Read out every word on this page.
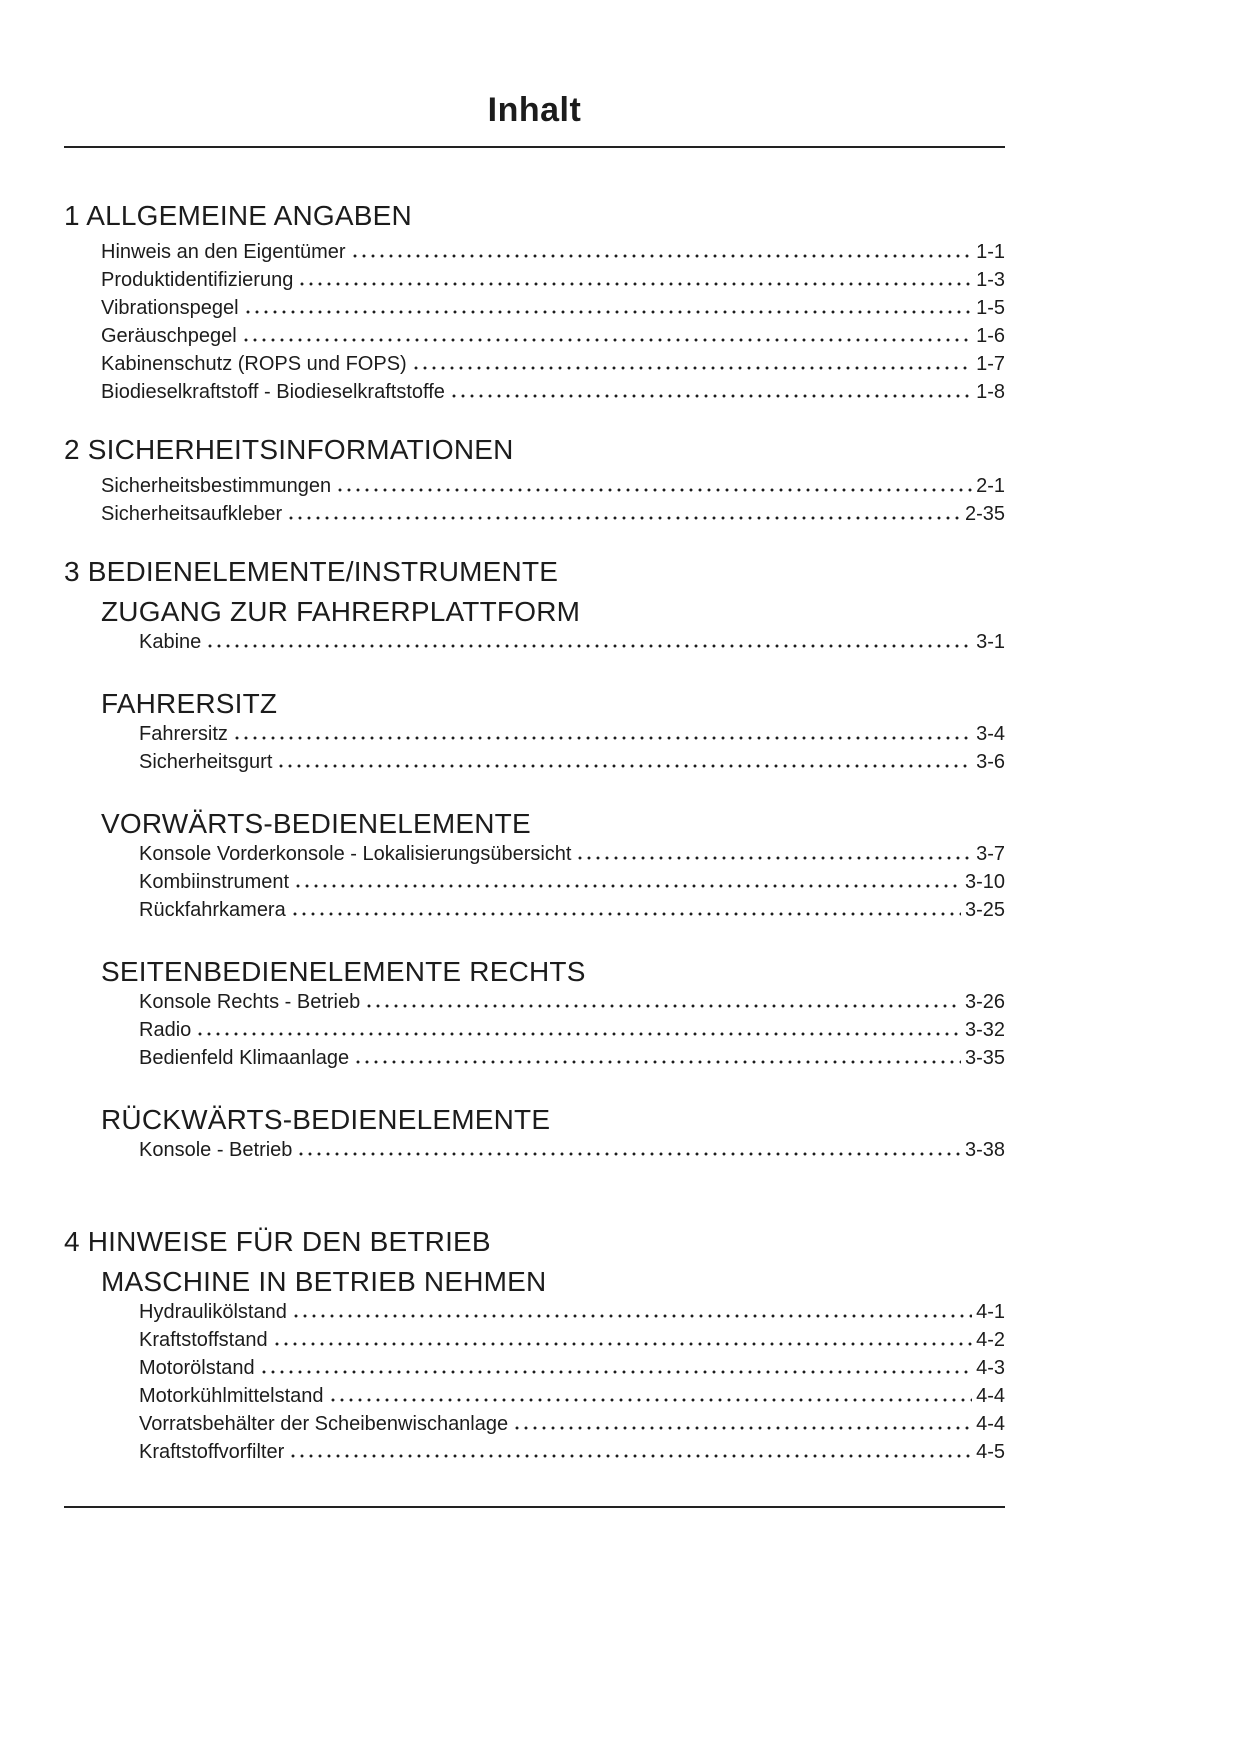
Inhalt
1 ALLGEMEINE ANGABEN
Hinweis an den Eigentümer	1-1
Produktidentifizierung	1-3
Vibrationspegel	1-5
Geräuschpegel	1-6
Kabinenschutz (ROPS und FOPS)	1-7
Biodieselkraftstoff - Biodieselkraftstoffe	1-8
2 SICHERHEITSINFORMATIONEN
Sicherheitsbestimmungen	2-1
Sicherheitsaufkleber	2-35
3 BEDIENELEMENTE/INSTRUMENTE
ZUGANG ZUR FAHRERPLATTFORM
Kabine	3-1
FAHRERSITZ
Fahrersitz	3-4
Sicherheitsgurt	3-6
VORWÄRTS-BEDIENELEMENTE
Konsole Vorderkonsole - Lokalisierungsübersicht	3-7
Kombiinstrument	3-10
Rückfahrkamera	3-25
SEITENBEDIENELEMENTE RECHTS
Konsole Rechts - Betrieb	3-26
Radio	3-32
Bedienfeld Klimaanlage	3-35
RÜCKWÄRTS-BEDIENELEMENTE
Konsole - Betrieb	3-38
4 HINWEISE FÜR DEN BETRIEB
MASCHINE IN BETRIEB NEHMEN
Hydraulikölstand	4-1
Kraftstoffstand	4-2
Motorölstand	4-3
Motorkühlmittelstand	4-4
Vorratsbehälter der Scheibenwischanlage	4-4
Kraftstoffvorfilter	4-5
